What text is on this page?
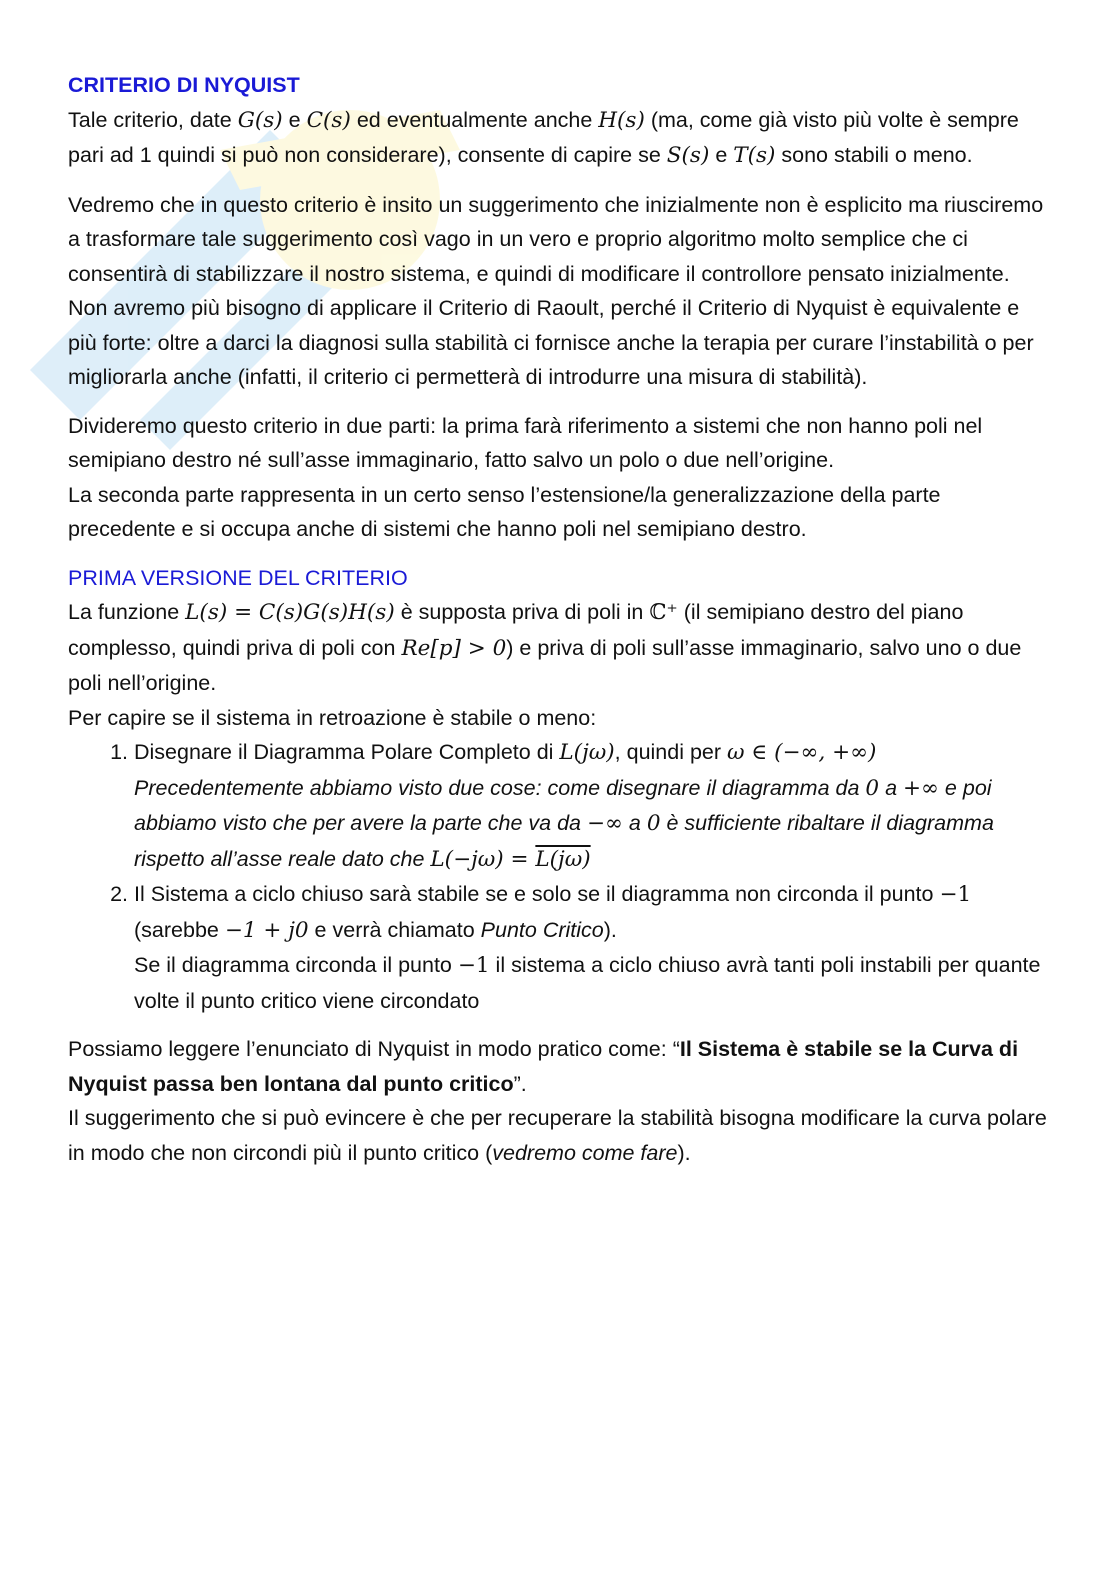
CRITERIO DI NYQUIST

Tale criterio, date G(s) e C(s) ed eventualmente anche H(s) (ma, come già visto più volte è sempre pari ad 1 quindi si può non considerare), consente di capire se S(s) e T(s) sono stabili o meno.

Vedremo che in questo criterio è insito un suggerimento che inizialmente non è esplicito ma riusciremo a trasformare tale suggerimento così vago in un vero e proprio algoritmo molto semplice che ci consentirà di stabilizzare il nostro sistema, e quindi di modificare il controllore pensato inizialmente. Non avremo più bisogno di applicare il Criterio di Raoult, perché il Criterio di Nyquist è equivalente e più forte: oltre a darci la diagnosi sulla stabilità ci fornisce anche la terapia per curare l’instabilità o per migliorarla anche (infatti, il criterio ci permetterà di introdurre una misura di stabilità).

Divideremo questo criterio in due parti: la prima farà riferimento a sistemi che non hanno poli nel semipiano destro né sull’asse immaginario, fatto salvo un polo o due nell’origine.

La seconda parte rappresenta in un certo senso l’estensione/la generalizzazione della parte precedente e si occupa anche di sistemi che hanno poli nel semipiano destro.

PRIMA VERSIONE DEL CRITERIO

La funzione L(s) = C(s)G(s)H(s) è supposta priva di poli in ℂ⁺ (il semipiano destro del piano complesso, quindi priva di poli con Re[p] > 0) e priva di poli sull’asse immaginario, salvo uno o due poli nell’origine.

Per capire se il sistema in retroazione è stabile o meno:

1. Disegnare il Diagramma Polare Completo di L(jω), quindi per ω ∈ (−∞, +∞)
Precedentemente abbiamo visto due cose: come disegnare il diagramma da 0 a +∞ e poi abbiamo visto che per avere la parte che va da −∞ a 0 è sufficiente ribaltare il diagramma rispetto all’asse reale dato che L(−jω) = L(jω)
2. Il Sistema a ciclo chiuso sarà stabile se e solo se il diagramma non circonda il punto −1 (sarebbe −1 + j0 e verrà chiamato Punto Critico).
Se il diagramma circonda il punto −1 il sistema a ciclo chiuso avrà tanti poli instabili per quante volte il punto critico viene circondato

Possiamo leggere l’enunciato di Nyquist in modo pratico come: “Il Sistema è stabile se la Curva di Nyquist passa ben lontana dal punto critico”.

Il suggerimento che si può evincere è che per recuperare la stabilità bisogna modificare la curva polare in modo che non circondi più il punto critico (vedremo come fare).
